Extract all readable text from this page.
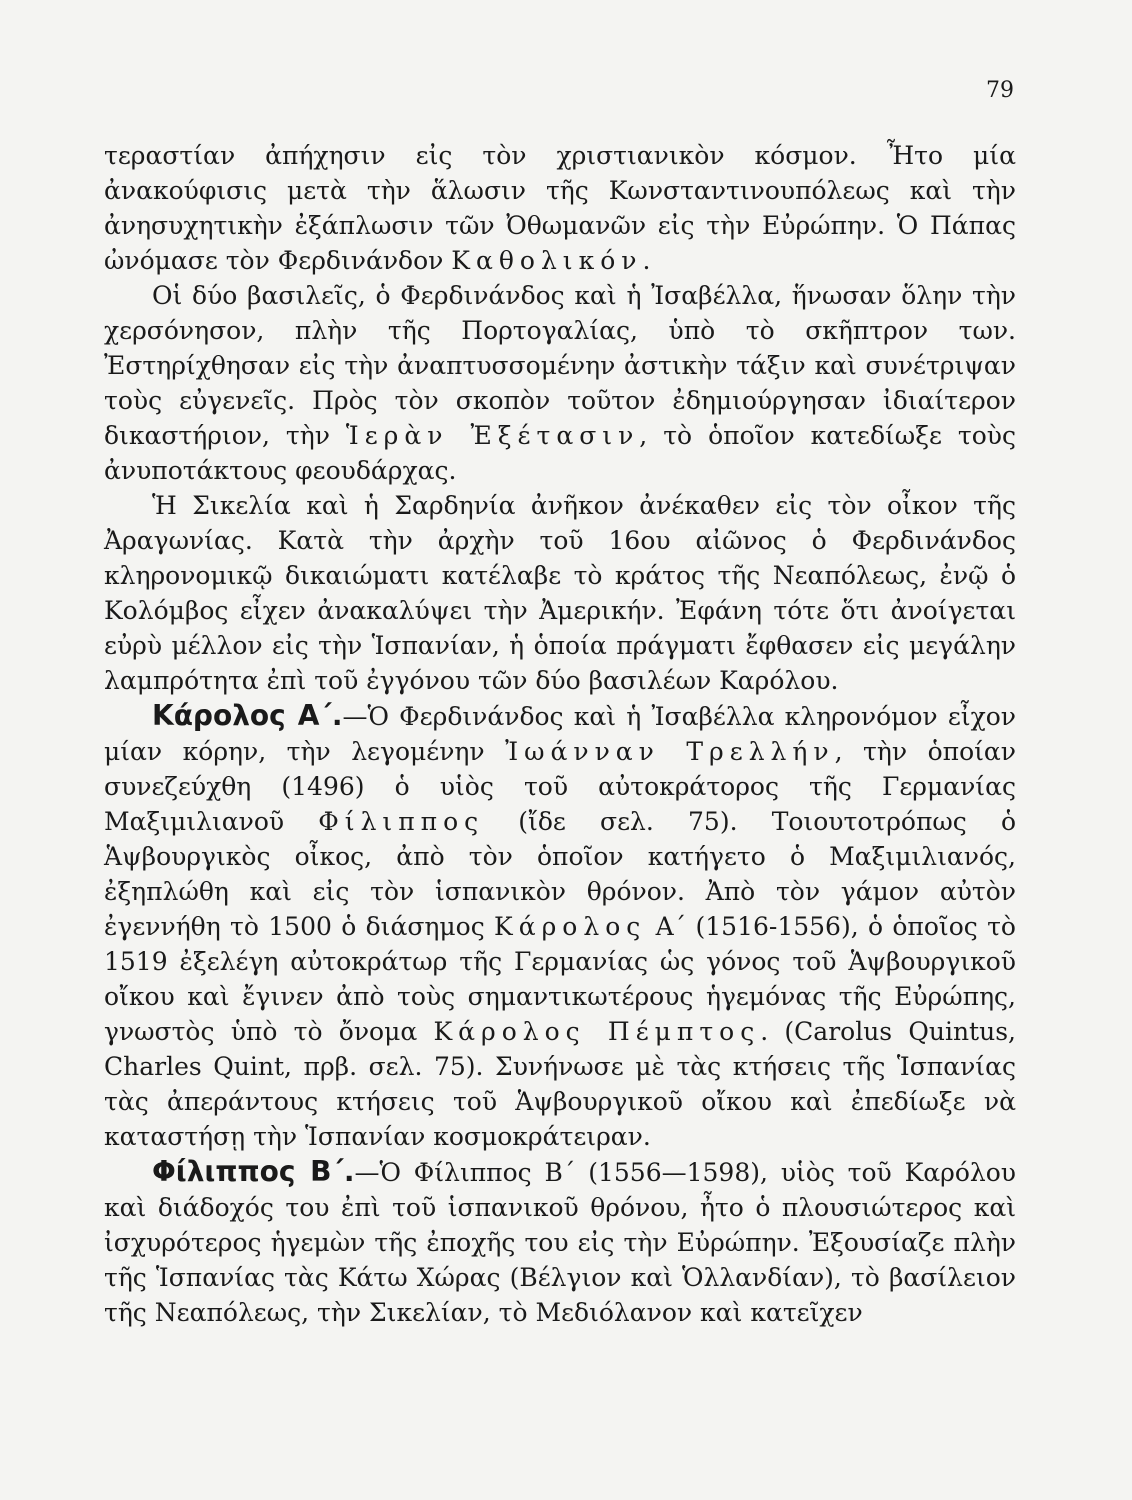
79

τεραστίαν ἀπήχησιν εἰς τὸν χριστιανικὸν κόσμον. Ἦτο μία ἀνακούφισις μετὰ τὴν ἅλωσιν τῆς Κωνσταντινουπόλεως καὶ τὴν ἀνησυχητικὴν ἐξάπλωσιν τῶν Ὀθωμανῶν εἰς τὴν Εὐρώπην. Ὁ Πάπας ὠνόμασε τὸν Φερδινάνδον Καθολικόν.

Οἱ δύο βασιλεῖς, ὁ Φερδινάνδος καὶ ἡ Ἰσαβέλλα, ἥνωσαν ὅλην τὴν χερσόνησον, πλὴν τῆς Πορτογαλίας, ὑπὸ τὸ σκῆπτρον των. Ἐστηρίχθησαν εἰς τὴν ἀναπτυσσομένην ἀστικὴν τάξιν καὶ συνέτριψαν τοὺς εὐγενεῖς. Πρὸς τὸν σκοπὸν τοῦτον ἐδημιούργησαν ἰδιαίτερον δικαστήριον, τὴν Ἱερὰν Ἐξέτασιν, τὸ ὁποῖον κατεδίωξε τοὺς ἀνυποτάκτους φεουδάρχας.

Ἡ Σικελία καὶ ἡ Σαρδηνία ἀνῆκον ἀνέκαθεν εἰς τὸν οἶκον τῆς Ἀραγωνίας. Κατὰ τὴν ἀρχὴν τοῦ 16ου αἰῶνος ὁ Φερδινάνδος κληρονομικῷ δικαιώματι κατέλαβε τὸ κράτος τῆς Νεαπόλεως, ἐνῷ ὁ Κολόμβος εἶχεν ἀνακαλύψει τὴν Ἀμερικήν. Ἐφάνη τότε ὅτι ἀνοίγεται εὐρὺ μέλλον εἰς τὴν Ἱσπανίαν, ἡ ὁποία πράγματι ἔφθασεν εἰς μεγάλην λαμπρότητα ἐπὶ τοῦ ἐγγόνου τῶν δύο βασιλέων Καρόλου.

Κάρολος Α΄.—Ὁ Φερδινάνδος καὶ ἡ Ἰσαβέλλα κληρονόμον εἶχον μίαν κόρην, τὴν λεγομένην Ἰωάνναν Τρελλήν, τὴν ὁποίαν συνεζεύχθη (1496) ὁ υἱὸς τοῦ αὐτοκράτορος τῆς Γερμανίας Μαξιμιλιανοῦ Φίλιππος (ἴδε σελ. 75). Τοιουτοτρόπως ὁ Ἁψβουργικὸς οἶκος, ἀπὸ τὸν ὁποῖον κατήγετο ὁ Μαξιμιλιανός, ἐξηπλώθη καὶ εἰς τὸν ἱσπανικὸν θρόνον. Ἀπὸ τὸν γάμον αὐτὸν ἐγεννήθη τὸ 1500 ὁ διάσημος Κάρολος Α΄ (1516-1556), ὁ ὁποῖος τὸ 1519 ἐξελέγη αὐτοκράτωρ τῆς Γερμανίας ὡς γόνος τοῦ Ἁψβουργικοῦ οἴκου καὶ ἔγινεν ἀπὸ τοὺς σημαντικωτέρους ἡγεμόνας τῆς Εὐρώπης, γνωστὸς ὑπὸ τὸ ὄνομα Κάρολος Πέμπτος. (Carolus Quintus, Charles Quint, πρβ. σελ. 75). Συνήνωσε μὲ τὰς κτήσεις τῆς Ἱσπανίας τὰς ἀπεράντους κτήσεις τοῦ Ἁψβουργικοῦ οἴκου καὶ ἐπεδίωξε νὰ καταστήσῃ τὴν Ἱσπανίαν κοσμοκράτειραν.

Φίλιππος Β΄.—Ὁ Φίλιππος Β΄ (1556—1598), υἱὸς τοῦ Καρόλου καὶ διάδοχός του ἐπὶ τοῦ ἱσπανικοῦ θρόνου, ἦτο ὁ πλουσιώτερος καὶ ἰσχυρότερος ἡγεμὼν τῆς ἐποχῆς του εἰς τὴν Εὐρώπην. Ἐξουσίαζε πλὴν τῆς Ἱσπανίας τὰς Κάτω Χώρας (Βέλγιον καὶ Ὁλλανδίαν), τὸ βασίλειον τῆς Νεαπόλεως, τὴν Σικελίαν, τὸ Μεδιόλανον καὶ κατεῖχεν
